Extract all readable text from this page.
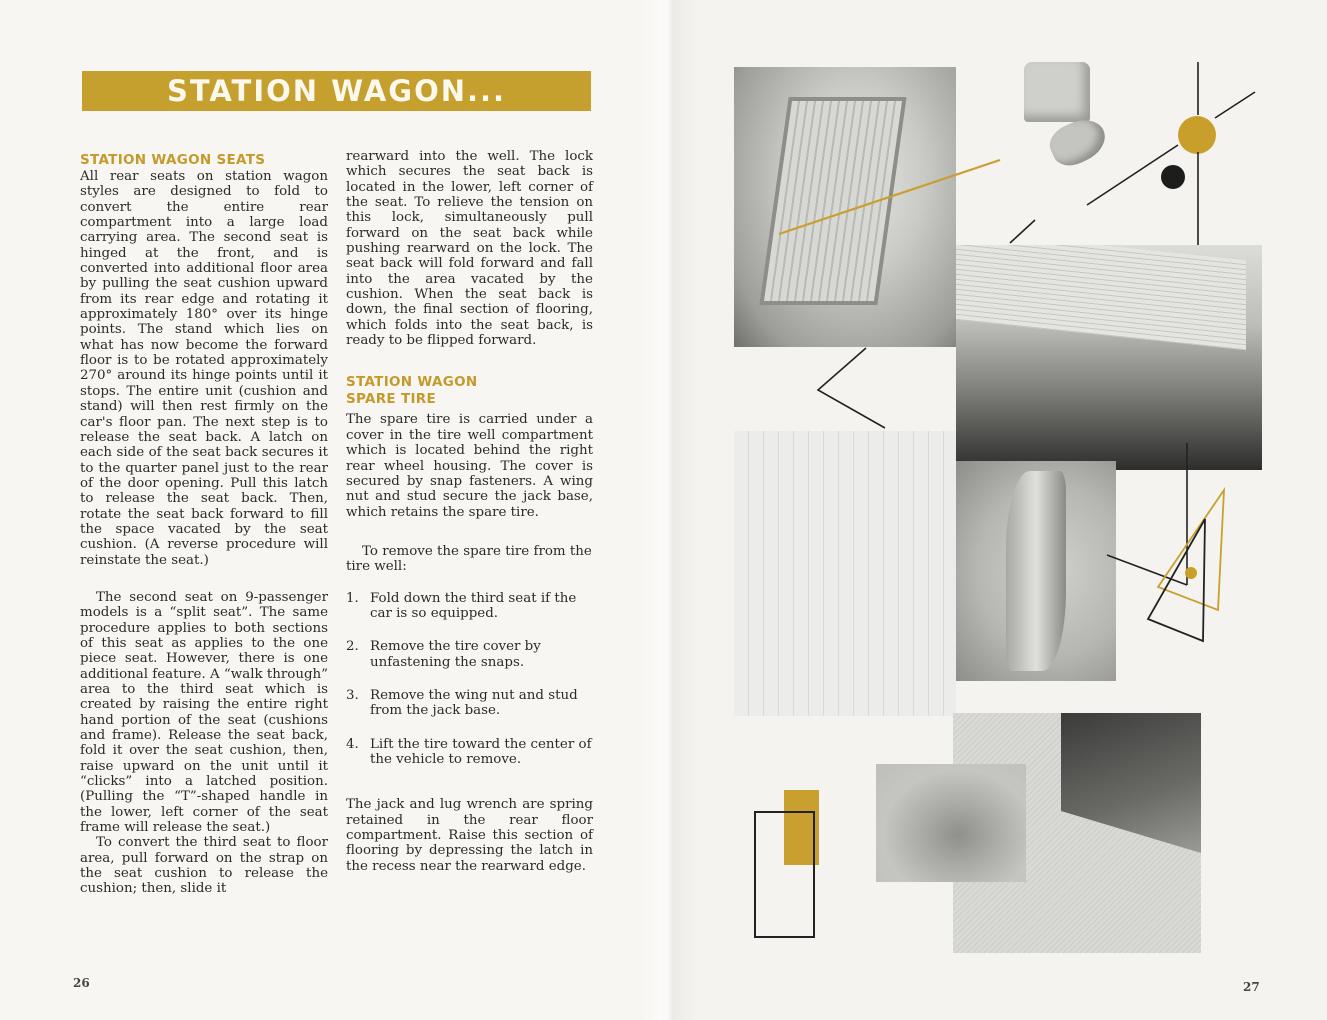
STATION WAGON...
STATION WAGON SEATS

All rear seats on station wagon styles are designed to fold to convert the entire rear compartment into a large load carrying area. The second seat is hinged at the front, and is converted into additional floor area by pulling the seat cushion upward from its rear edge and rotating it approximately 180° over its hinge points. The stand which lies on what has now become the forward floor is to be rotated approximately 270° around its hinge points until it stops. The entire unit (cushion and stand) will then rest firmly on the car's floor pan. The next step is to release the seat back. A latch on each side of the seat back secures it to the quarter panel just to the rear of the door opening. Pull this latch to release the seat back. Then, rotate the seat back forward to fill the space vacated by the seat cushion. (A reverse procedure will reinstate the seat.)

The second seat on 9-passenger models is a “split seat”. The same procedure applies to both sections of this seat as applies to the one piece seat. However, there is one additional feature. A “walk through” area to the third seat which is created by raising the entire right hand portion of the seat (cushions and frame). Release the seat back, fold it over the seat cushion, then, raise upward on the unit until it “clicks” into a latched position. (Pulling the “T”-shaped handle in the lower, left corner of the seat frame will release the seat.)

To convert the third seat to floor area, pull forward on the strap on the seat cushion to release the cushion; then, slide it

rearward into the well. The lock which secures the seat back is located in the lower, left corner of the seat. To relieve the tension on this lock, simultaneously pull forward on the seat back while pushing rearward on the lock. The seat back will fold forward and fall into the area vacated by the cushion. When the seat back is down, the final section of flooring, which folds into the seat back, is ready to be flipped forward.

STATION WAGON
SPARE TIRE

The spare tire is carried under a cover in the tire well compartment which is located behind the right rear wheel housing. The cover is secured by snap fasteners. A wing nut and stud secure the jack base, which retains the spare tire.

To remove the spare tire from the tire well:

1. Fold down the third seat if the car is so equipped.
2. Remove the tire cover by unfastening the snaps.
3. Remove the wing nut and stud from the jack base.
4. Lift the tire toward the center of the vehicle to remove.

The jack and lug wrench are spring retained in the rear floor compartment. Raise this section of flooring by depressing the latch in the recess near the rearward edge.

26	27
